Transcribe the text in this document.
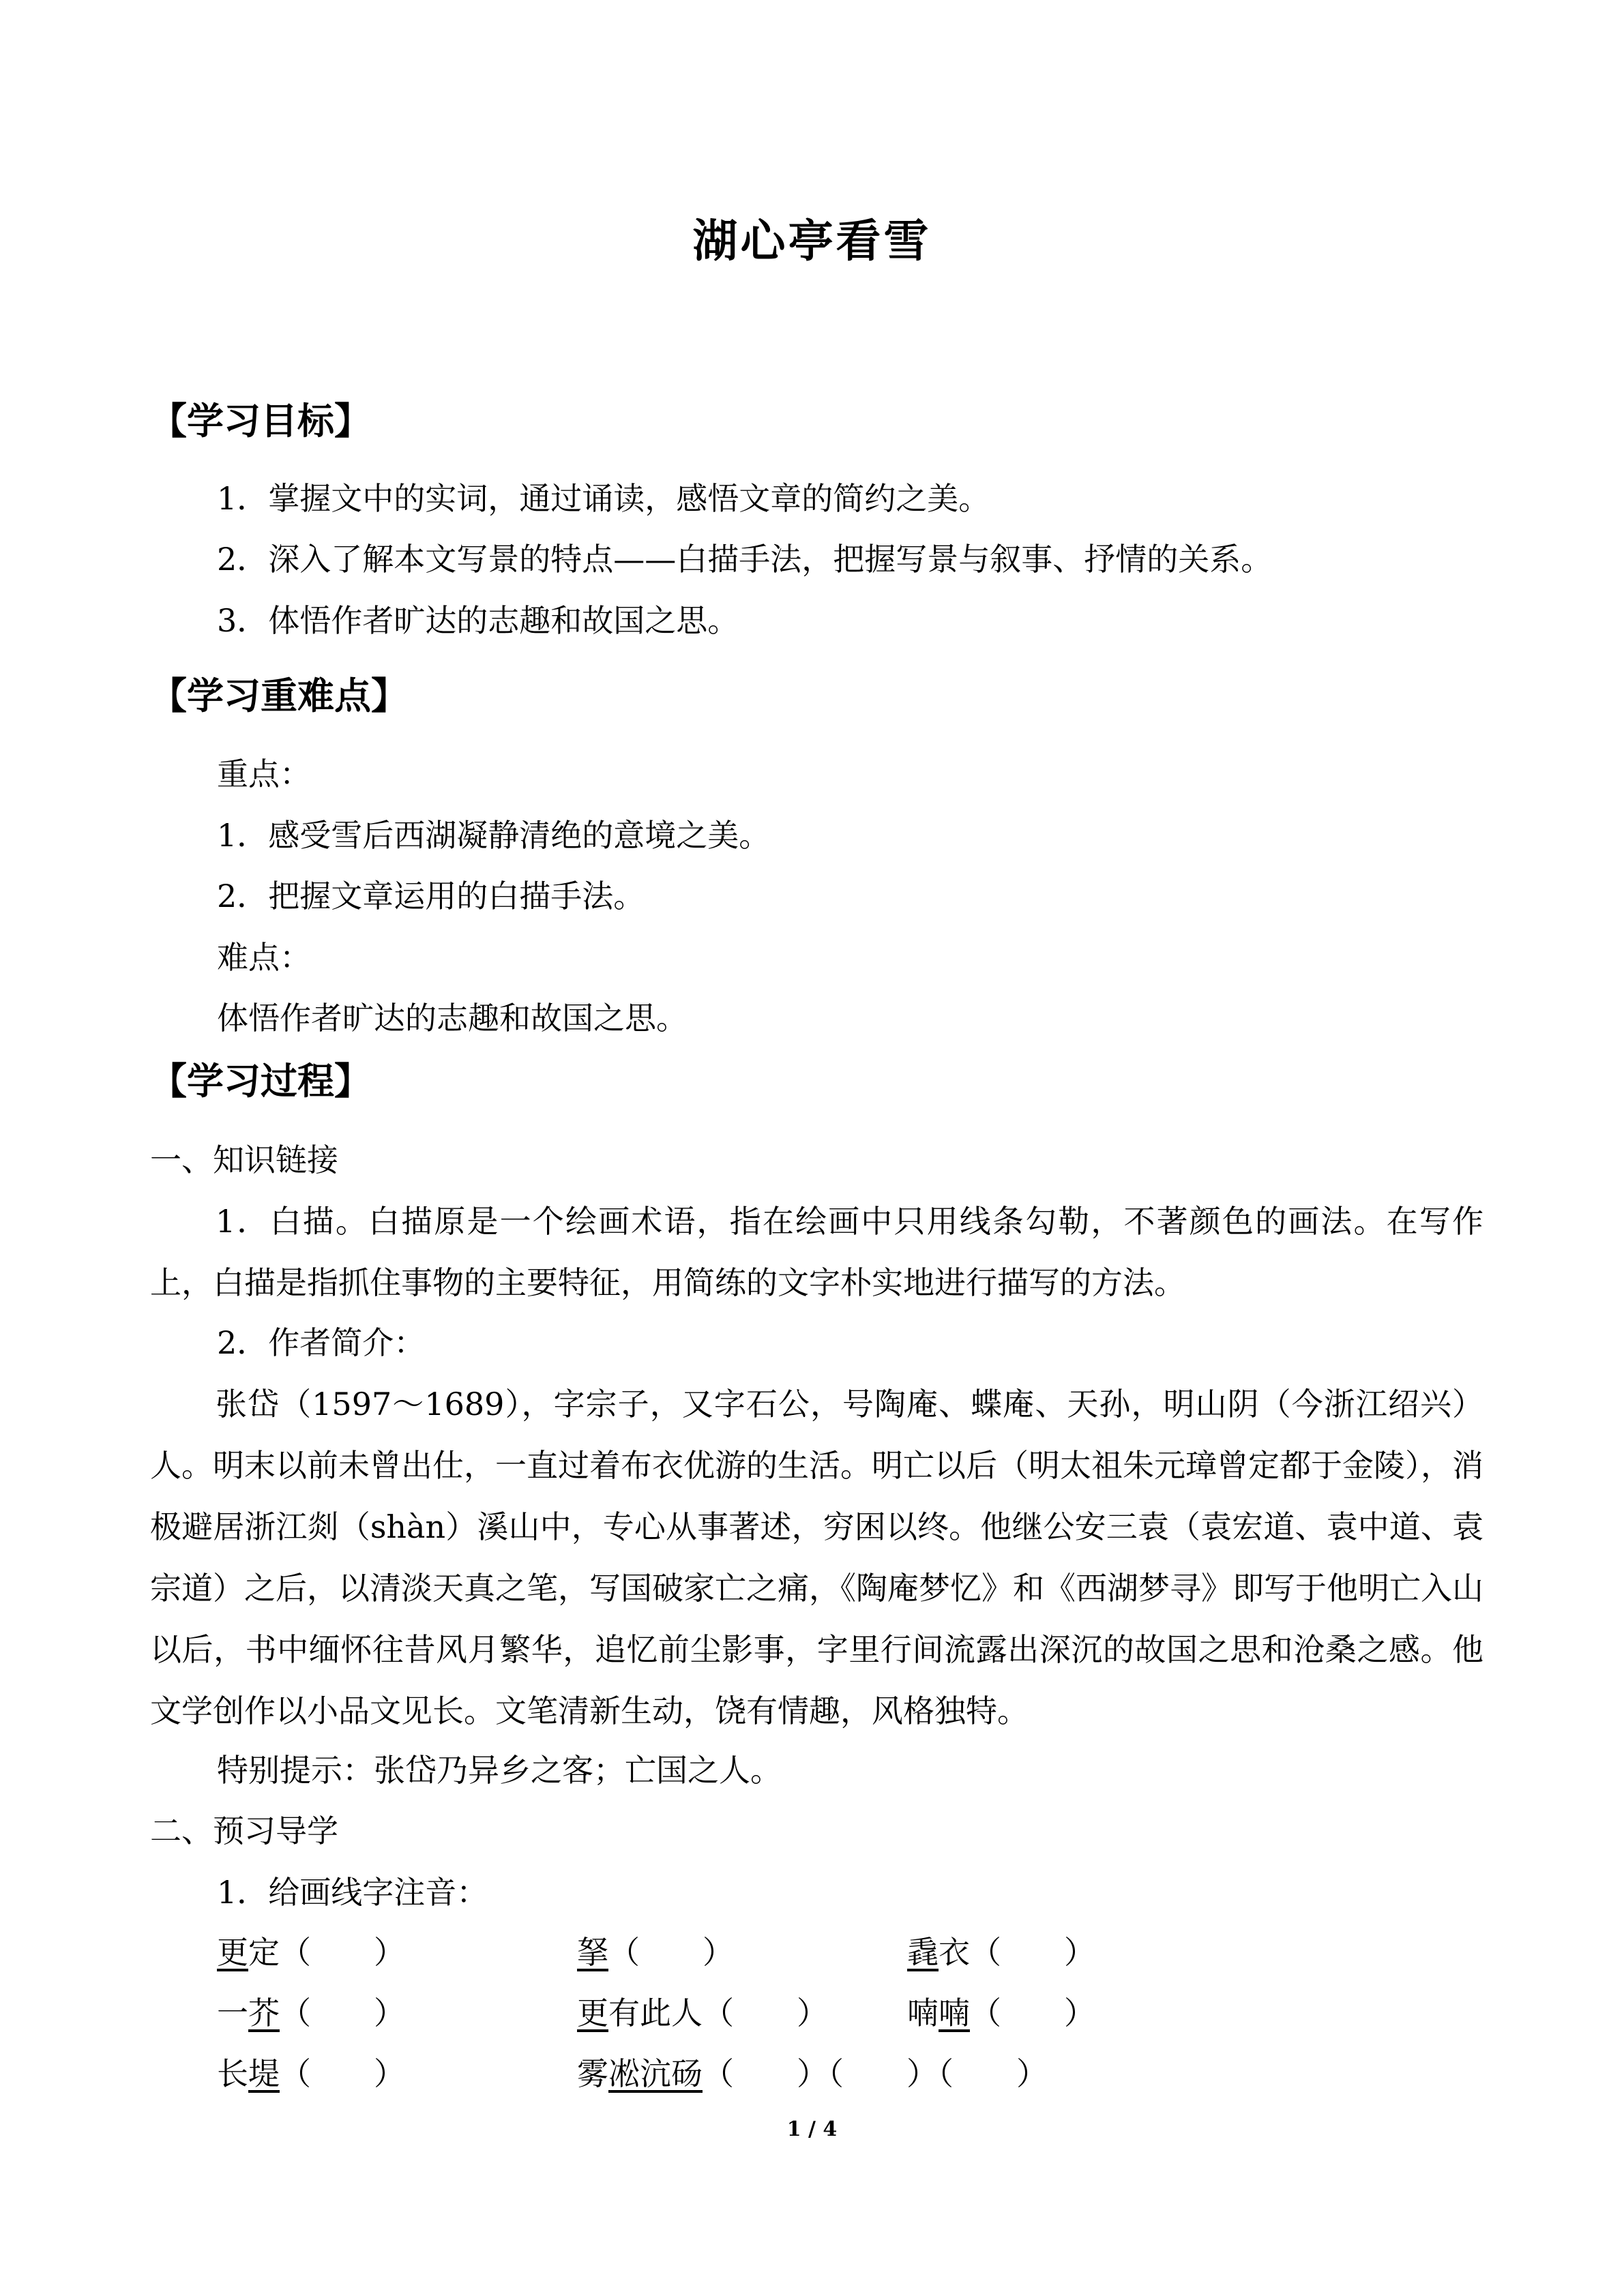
湖心亭看雪
【学习目标】
1．掌握文中的实词，通过诵读，感悟文章的简约之美。
2．深入了解本文写景的特点——白描手法，把握写景与叙事、抒情的关系。
3．体悟作者旷达的志趣和故国之思。
【学习重难点】
重点：
1．感受雪后西湖凝静清绝的意境之美。
2．把握文章运用的白描手法。
难点：
体悟作者旷达的志趣和故国之思。
【学习过程】
一、知识链接
1．白描。白描原是一个绘画术语，指在绘画中只用线条勾勒，不著颜色的画法。在写作上，白描是指抓住事物的主要特征，用简练的文字朴实地进行描写的方法。
2．作者简介：
张岱（1597～1689），字宗子，又字石公，号陶庵、蝶庵、天孙，明山阴（今浙江绍兴）人。明末以前未曾出仕，一直过着布衣优游的生活。明亡以后（明太祖朱元璋曾定都于金陵），消极避居浙江剡（shàn）溪山中，专心从事著述，穷困以终。他继公安三袁（袁宏道、袁中道、袁宗道）之后，以清淡天真之笔，写国破家亡之痛，《陶庵梦忆》和《西湖梦寻》即写于他明亡入山以后，书中缅怀往昔风月繁华，追忆前尘影事，字里行间流露出深沉的故国之思和沧桑之感。他文学创作以小品文见长。文笔清新生动，饶有情趣，风格独特。
特别提示：张岱乃异乡之客；亡国之人。
二、预习导学
1．给画线字注音：
更定（　　）	拏（　　）	毳衣（　　）
一芥（　　）	更有此人（　　）	喃喃（　　）
长堤（　　）	雾凇沆砀（　　）（　　）（　　）
1 / 4
